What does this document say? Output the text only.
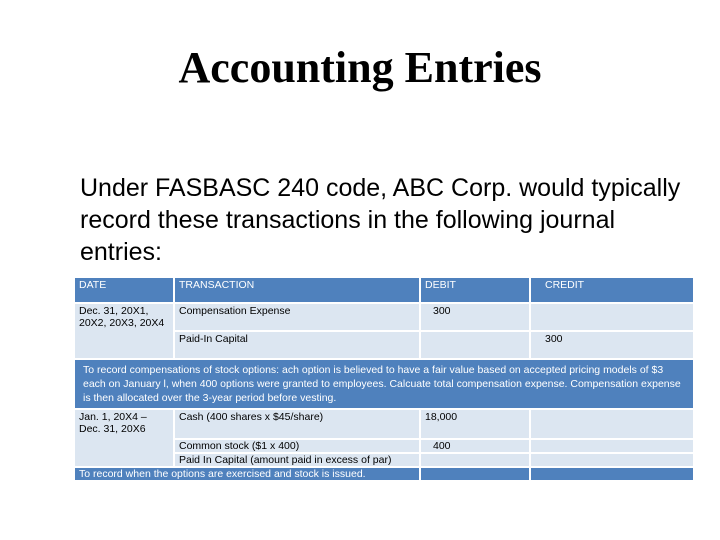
Accounting Entries
Under FASBASC 240 code, ABC Corp. would typically record these transactions in the following journal entries:
DATE	TRANSACTION	DEBIT	CREDIT
Dec. 31, 20X1, 20X2, 20X3, 20X4	Compensation Expense	300	
	Paid-In Capital		300
To record compensations of stock options: ach option is believed to have a fair value based on accepted pricing models of $3 each on January l, when 400 options were granted to employees. Calcuate total compensation expense. Compensation expense is then allocated over the 3-year period before vesting.			
Jan. 1, 20X4 – Dec. 31, 20X6	Cash (400 shares x $45/share)	18,000	
	Common stock ($1 x 400)	400	
	Paid In Capital (amount paid in excess of par)		
To record when the options are exercised and stock is issued.			
